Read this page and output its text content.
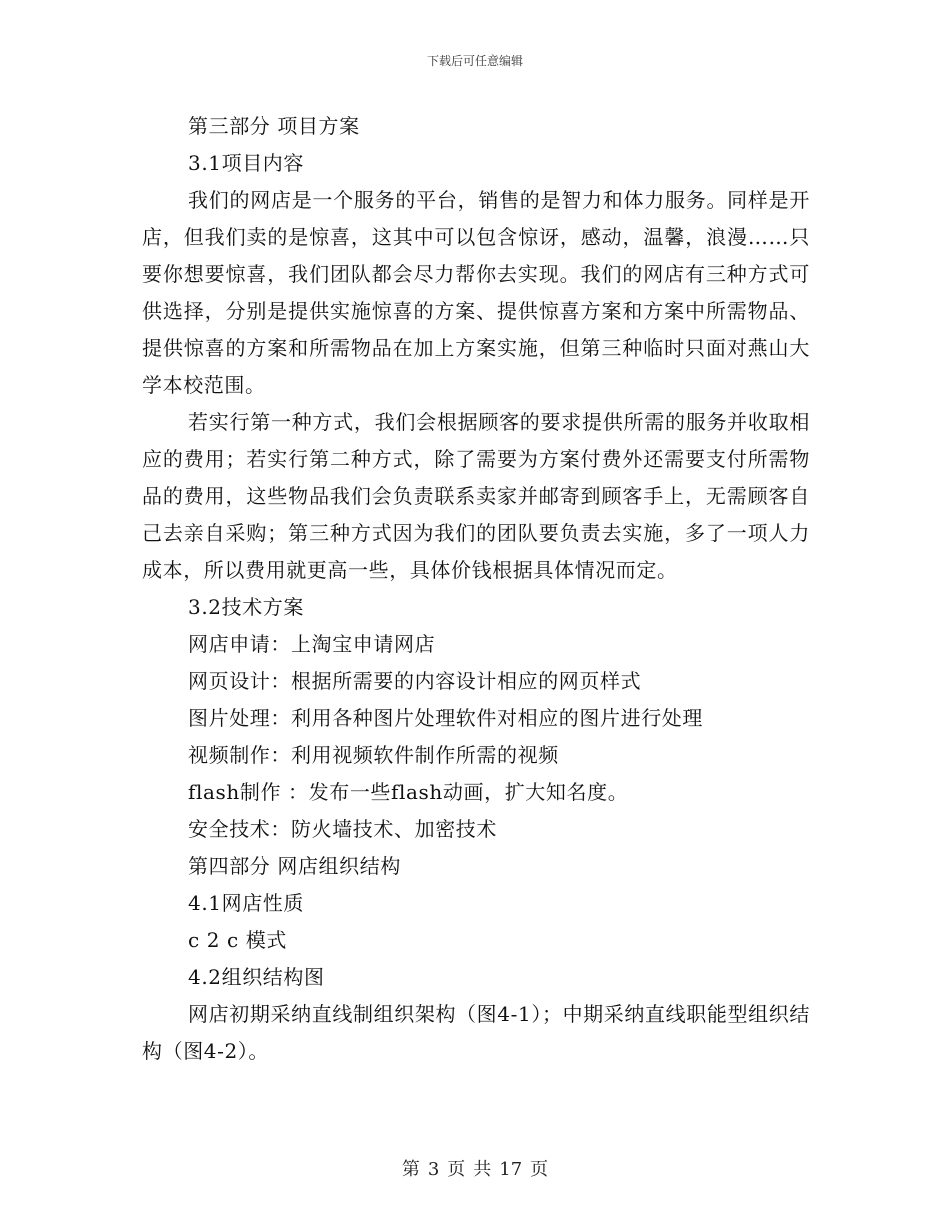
下载后可任意编辑
第三部分 项目方案
3.1项目内容
我们的网店是一个服务的平台，销售的是智力和体力服务。同样是开店，但我们卖的是惊喜，这其中可以包含惊讶，感动，温馨，浪漫……只要你想要惊喜，我们团队都会尽力帮你去实现。我们的网店有三种方式可供选择，分别是提供实施惊喜的方案、提供惊喜方案和方案中所需物品、提供惊喜的方案和所需物品在加上方案实施，但第三种临时只面对燕山大学本校范围。
若实行第一种方式，我们会根据顾客的要求提供所需的服务并收取相应的费用；若实行第二种方式，除了需要为方案付费外还需要支付所需物品的费用，这些物品我们会负责联系卖家并邮寄到顾客手上，无需顾客自己去亲自采购；第三种方式因为我们的团队要负责去实施，多了一项人力成本，所以费用就更高一些，具体价钱根据具体情况而定。
3.2技术方案
网店申请：上淘宝申请网店
网页设计：根据所需要的内容设计相应的网页样式
图片处理：利用各种图片处理软件对相应的图片进行处理
视频制作：利用视频软件制作所需的视频
flash制作 ：发布一些flash动画，扩大知名度。
安全技术：防火墙技术、加密技术
第四部分 网店组织结构
4.1网店性质
c 2 c 模式
4.2组织结构图
网店初期采纳直线制组织架构（图4-1）；中期采纳直线职能型组织结构（图4-2）。
第 3 页 共 17 页
